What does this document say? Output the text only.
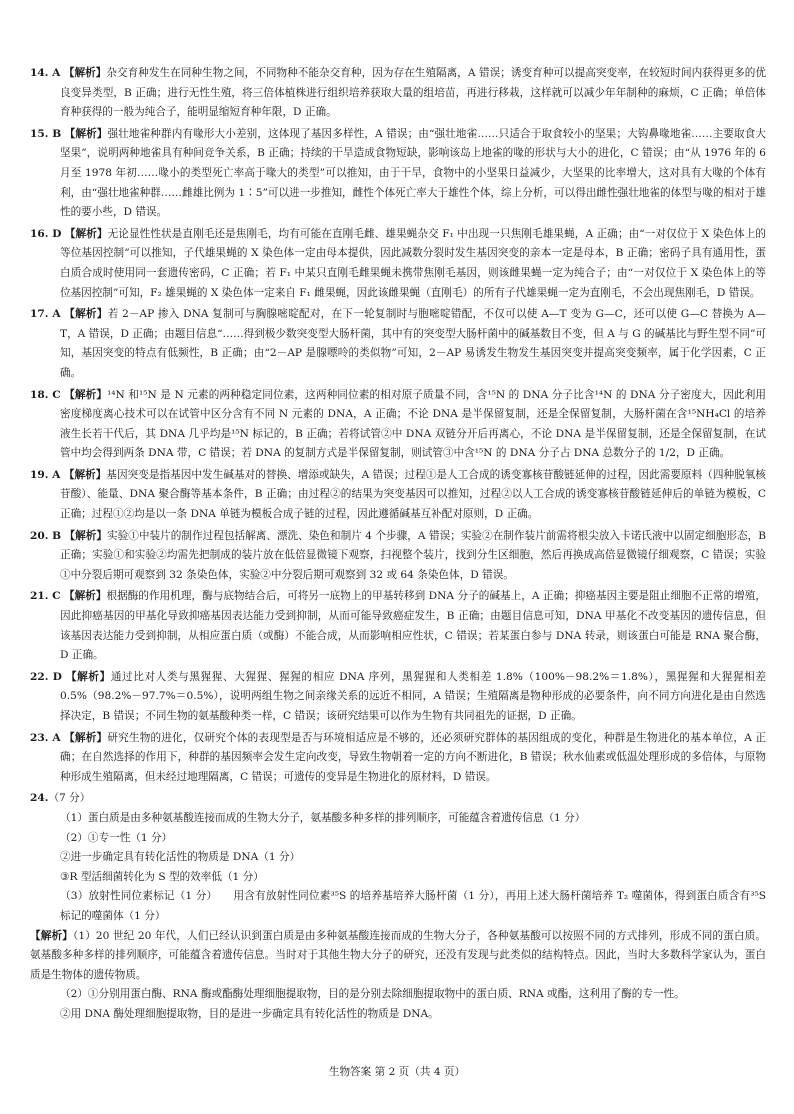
14. A 【解析】杂交育种发生在同种生物之间，不同物种不能杂交育种，因为存在生殖隔离，A 错误；诱变育种可以提高突变率，在较短时间内获得更多的优良变异类型，B 正确；进行无性生殖，将三倍体植株进行组织培养获取大量的组培苗，再进行移栽，这样就可以减少年年制种的麻烦，C 正确；单倍体育种获得的一般为纯合子，能明显缩短育种年限，D 正确。

15. B 【解析】强壮地雀种群内有喙形大小差别，这体现了基因多样性，A 错误；由“强壮地雀……只适合于取食较小的坚果；大钩鼻喙地雀……主要取食大坚果”，说明两种地雀具有种间竞争关系，B 正确；持续的干旱造成食物短缺，影响该岛上地雀的喙的形状与大小的进化，C 错误；由“从 1976 年的 6 月至 1978 年初……喙小的类型死亡率高于喙大的类型”可以推知，由于干旱，食物中的小坚果日益减少，大坚果的比率增大，这对具有大喙的个体有利，由“强壮地雀种群……雌雄比例为 1∶5”可以进一步推知，雌性个体死亡率大于雄性个体，综上分析，可以得出雌性强壮地雀的体型与喙的相对于雄性的要小些，D 错误。

16. D 【解析】无论显性性状是直刚毛还是焦刚毛，均有可能在直刚毛雌、雄果蝇杂交 F₁ 中出现一只焦刚毛雄果蝇，A 正确；由“一对仅位于 X 染色体上的等位基因控制”可以推知，子代雄果蝇的 X 染色体一定由母本提供，因此减数分裂时发生基因突变的亲本一定是母本，B 正确；密码子具有通用性，蛋白质合成时使用同一套遗传密码，C 正确；若 F₁ 中某只直刚毛雌果蝇未携带焦刚毛基因，则该雌果蝇一定为纯合子；由“一对仅位于 X 染色体上的等位基因控制”可知，F₂ 雄果蝇的 X 染色体一定来自 F₁ 雌果蝇，因此该雌果蝇（直刚毛）的所有子代雄果蝇一定为直刚毛，不会出现焦刚毛，D 错误。

17. A 【解析】若 2－AP 掺入 DNA 复制可与胸腺嘧啶配对，在下一轮复制时与胞嘧啶错配，不仅可以使 A—T 变为 G—C，还可以使 G—C 替换为 A—T，A 错误，D 正确；由题目信息“……得到极少数突变型大肠杆菌，其中有的突变型大肠杆菌中的碱基数目不变，但 A 与 G 的碱基比与野生型不同”可知，基因突变的特点有低频性，B 正确；由“2－AP 是腺嘌呤的类似物”可知，2－AP 易诱发生物发生基因突变并提高突变频率，属于化学因素，C 正确。

18. C 【解析】¹⁴N 和¹⁵N 是 N 元素的两种稳定同位素，这两种同位素的相对原子质量不同，含¹⁵N 的 DNA 分子比含¹⁴N 的 DNA 分子密度大，因此利用密度梯度离心技术可以在试管中区分含有不同 N 元素的 DNA，A 正确；不论 DNA 是半保留复制，还是全保留复制，大肠杆菌在含¹⁵NH₄Cl 的培养液生长若干代后，其 DNA 几乎均是¹⁵N 标记的，B 正确；若将试管②中 DNA 双链分开后再离心，不论 DNA 是半保留复制，还是全保留复制，在试管中均会得到两条 DNA 带，C 错误；若 DNA 的复制方式是半保留复制，则试管③中含¹⁵N 的 DNA 分子占 DNA 总数分子的 1/2，D 正确。

19. A 【解析】基因突变是指基因中发生碱基对的替换、增添或缺失，A 错误；过程①是人工合成的诱变寡核苷酸链延伸的过程，因此需要原料（四种脱氧核苷酸）、能量、DNA 聚合酶等基本条件，B 正确；由过程②的结果为突变基因可以推知，过程②以人工合成的诱变寡核苷酸链延伸后的单链为模板，C 正确；过程①②均是以一条 DNA 单链为模板合成子链的过程，因此遵循碱基互补配对原则，D 正确。

20. B 【解析】实验①中装片的制作过程包括解离、漂洗、染色和制片 4 个步骤，A 错误；实验②在制作装片前需将根尖放入卡诺氏液中以固定细胞形态，B 正确；实验①和实验②均需先把制成的装片放在低倍显微镜下观察，扫视整个装片，找到分生区细胞，然后再换成高倍显微镜仔细观察，C 错误；实验①中分裂后期可观察到 32 条染色体，实验②中分裂后期可观察到 32 或 64 条染色体，D 错误。

21. C 【解析】根据酶的作用机理，酶与底物结合后，可将另一底物上的甲基转移到 DNA 分子的碱基上，A 正确；抑癌基因主要是阻止细胞不正常的增殖，因此抑癌基因的甲基化导致抑癌基因表达能力受到抑制，从而可能导致癌症发生，B 正确；由题目信息可知，DNA 甲基化不改变基因的遗传信息，但该基因表达能力受到抑制，从相应蛋白质（或酶）不能合成，从而影响相应性状，C 错误；若某蛋白参与 DNA 转录，则该蛋白可能是 RNA 聚合酶，D 正确。

22. D 【解析】通过比对人类与黑猩猩、大猩猩、猩猩的相应 DNA 序列，黑猩猩和人类相差 1.8%（100%－98.2%＝1.8%），黑猩猩和大猩猩相差 0.5%（98.2%－97.7%＝0.5%），说明两组生物之间亲缘关系的远近不相同，A 错误；生殖隔离是物种形成的必要条件，向不同方向进化是由自然选择决定，B 错误；不同生物的氨基酸种类一样，C 错误；该研究结果可以作为生物有共同祖先的证据，D 正确。

23. A 【解析】研究生物的进化，仅研究个体的表现型是否与环境相适应是不够的，还必须研究群体的基因组成的变化，种群是生物进化的基本单位，A 正确；在自然选择的作用下，种群的基因频率会发生定向改变，导致生物朝着一定的方向不断进化，B 错误；秋水仙素或低温处理形成的多倍体，与原物种形成生殖隔离，但未经过地理隔离，C 错误；可遗传的变异是生物进化的原材料，D 错误。

24.（7 分）

（1）蛋白质是由多种氨基酸连接而成的生物大分子，氨基酸多种多样的排列顺序，可能蕴含着遗传信息（1 分）

（2）①专一性（1 分）

②进一步确定具有转化活性的物质是 DNA（1 分）

③R 型活细菌转化为 S 型的效率低（1 分）

（3）放射性同位素标记（1 分）　　用含有放射性同位素³⁵S 的培养基培养大肠杆菌（1 分），再用上述大肠杆菌培养 T₂ 噬菌体，得到蛋白质含有³⁵S 标记的噬菌体（1 分）

【解析】（1）20 世纪 20 年代，人们已经认识到蛋白质是由多种氨基酸连接而成的生物大分子，各种氨基酸可以按照不同的方式排列，形成不同的蛋白质。氨基酸多种多样的排列顺序，可能蕴含着遗传信息。当时对于其他生物大分子的研究，还没有发现与此类似的结构特点。因此，当时大多数科学家认为，蛋白质是生物体的遗传物质。

（2）①分别用蛋白酶、RNA 酶或酯酶处理细胞提取物，目的是分别去除细胞提取物中的蛋白质、RNA 或酯，这利用了酶的专一性。

②用 DNA 酶处理细胞提取物，目的是进一步确定具有转化活性的物质是 DNA。

生物答案 第 2 页（共 4 页）
